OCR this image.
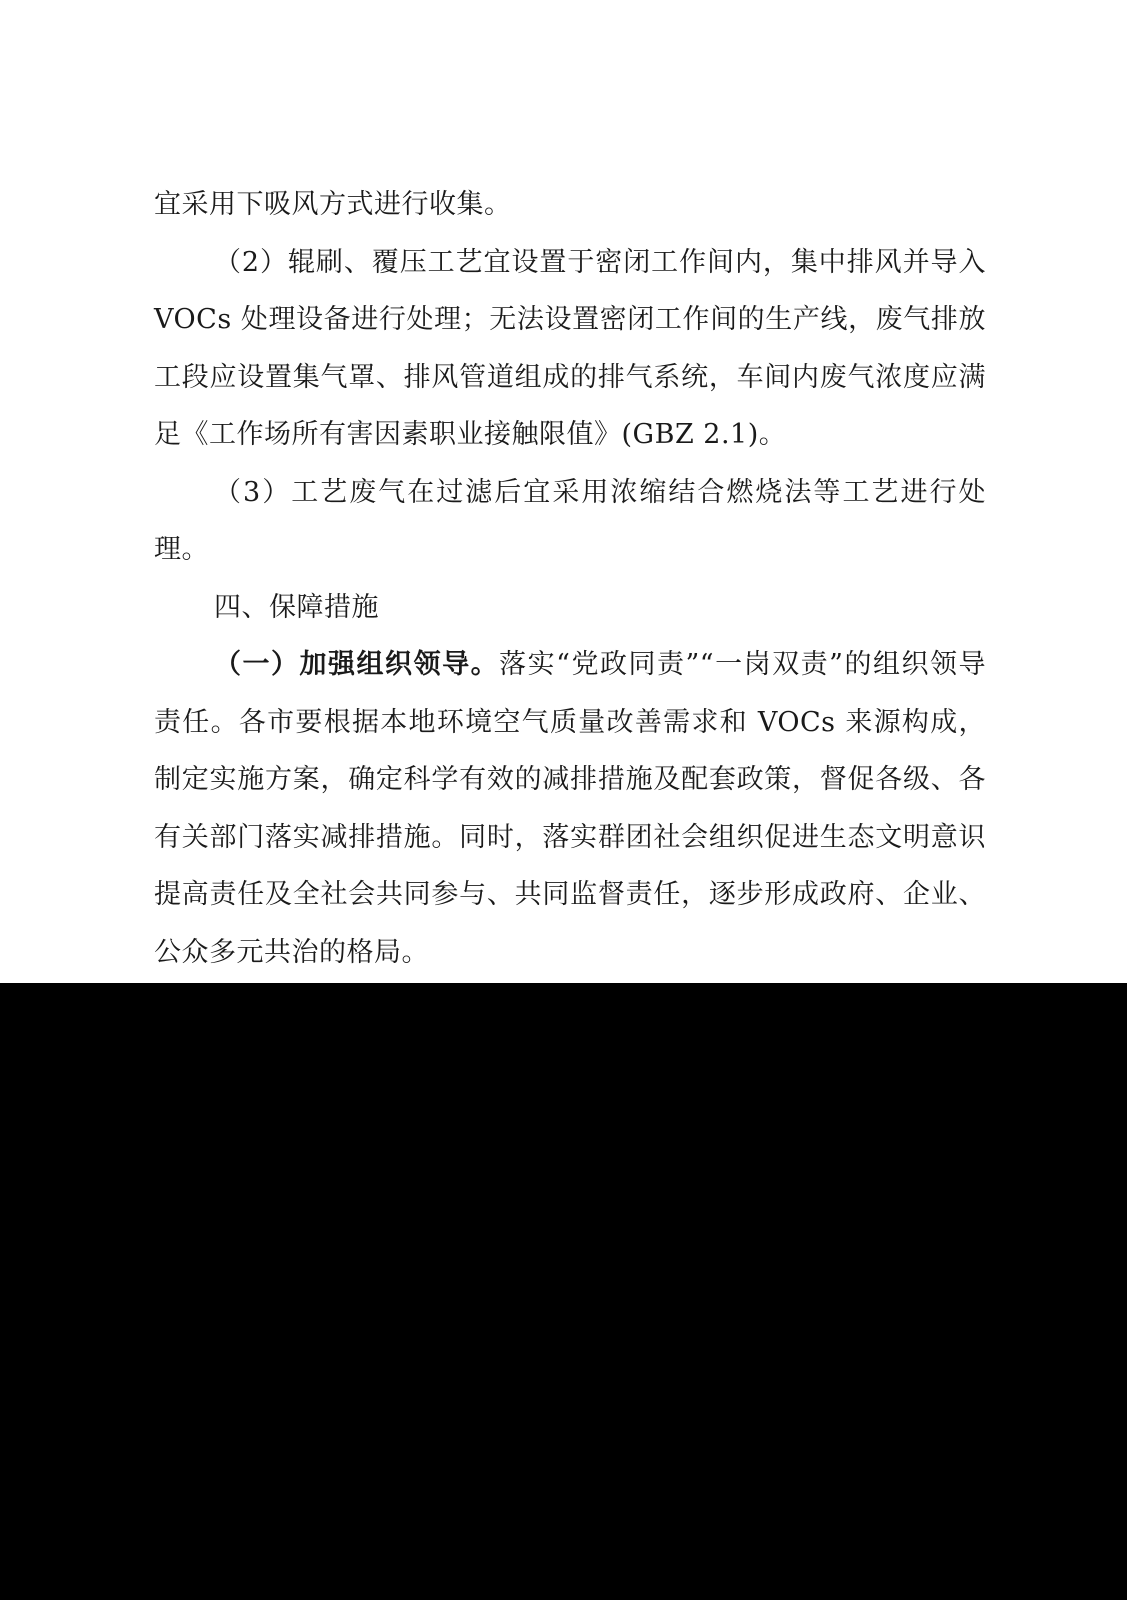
宜采用下吸风方式进行收集。

（2）辊刷、覆压工艺宜设置于密闭工作间内，集中排风并导入 VOCs 处理设备进行处理；无法设置密闭工作间的生产线，废气排放工段应设置集气罩、排风管道组成的排气系统，车间内废气浓度应满足《工作场所有害因素职业接触限值》(GBZ 2.1)。

（3）工艺废气在过滤后宜采用浓缩结合燃烧法等工艺进行处理。

四、保障措施

（一）加强组织领导。落实“党政同责”“一岗双责”的组织领导责任。各市要根据本地环境空气质量改善需求和 VOCs 来源构成，制定实施方案，确定科学有效的减排措施及配套政策，督促各级、各有关部门落实减排措施。同时，落实群团社会组织促进生态文明意识提高责任及全社会共同参与、共同监督责任，逐步形成政府、企业、公众多元共治的格局。
